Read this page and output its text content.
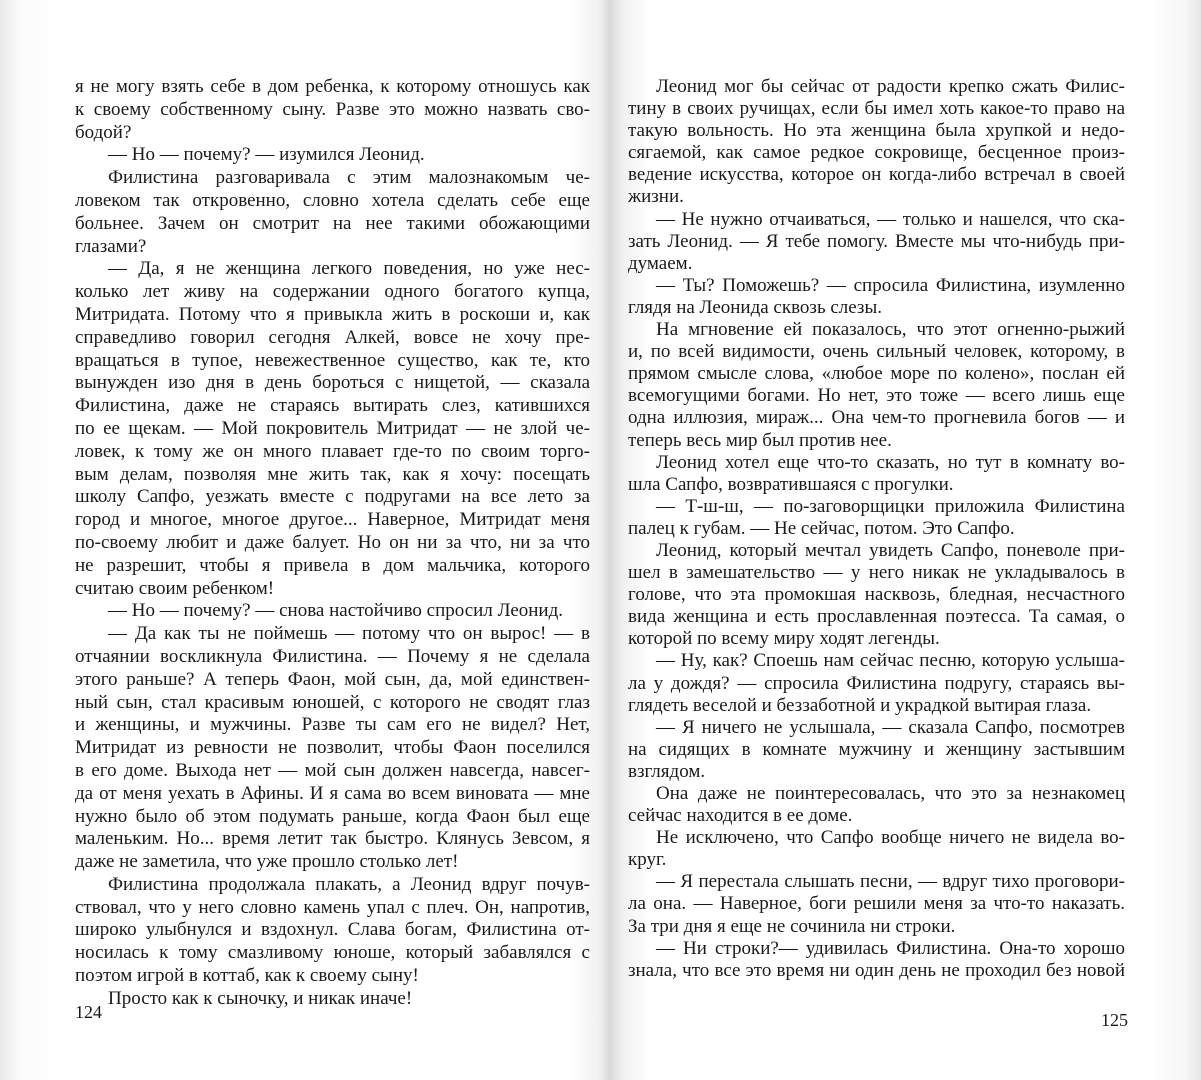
я не могу взять себе в дом ребенка, к которому отношусь как
к своему собственному сыну. Разве это можно назвать сво-
бодой?
— Но — почему? — изумился Леонид.
Филистина разговаривала с этим малознакомым че-
ловеком так откровенно, словно хотела сделать себе еще
больнее. Зачем он смотрит на нее такими обожающими
глазами?
— Да, я не женщина легкого поведения, но уже нес-
колько лет живу на содержании одного богатого купца,
Митридата. Потому что я привыкла жить в роскоши и, как
справедливо говорил сегодня Алкей, вовсе не хочу пре-
вращаться в тупое, невежественное существо, как те, кто
вынужден изо дня в день бороться с нищетой, — сказала
Филистина, даже не стараясь вытирать слез, катившихся
по ее щекам. — Мой покровитель Митридат — не злой че-
ловек, к тому же он много плавает где-то по своим торго-
вым делам, позволяя мне жить так, как я хочу: посещать
школу Сапфо, уезжать вместе с подругами на все лето за
город и многое, многое другое... Наверное, Митридат меня
по-своему любит и даже балует. Но он ни за что, ни за что
не разрешит, чтобы я привела в дом мальчика, которого
считаю своим ребенком!
— Но — почему? — снова настойчиво спросил Леонид.
— Да как ты не поймешь — потому что он вырос! — в
отчаянии воскликнула Филистина. — Почему я не сделала
этого раньше? А теперь Фаон, мой сын, да, мой единствен-
ный сын, стал красивым юношей, с которого не сводят глаз
и женщины, и мужчины. Разве ты сам его не видел? Нет,
Митридат из ревности не позволит, чтобы Фаон поселился
в его доме. Выхода нет — мой сын должен навсегда, навсег-
да от меня уехать в Афины. И я сама во всем виновата — мне
нужно было об этом подумать раньше, когда Фаон был еще
маленьким. Но... время летит так быстро. Клянусь Зевсом, я
даже не заметила, что уже прошло столько лет!
Филистина продолжала плакать, а Леонид вдруг почув-
ствовал, что у него словно камень упал с плеч. Он, напротив,
широко улыбнулся и вздохнул. Слава богам, Филистина от-
носилась к тому смазливому юноше, который забавлялся с
поэтом игрой в коттаб, как к своему сыну!
Просто как к сыночку, и никак иначе!
Леонид мог бы сейчас от радости крепко сжать Филис-
тину в своих ручищах, если бы имел хоть какое-то право на
такую вольность. Но эта женщина была хрупкой и недо-
сягаемой, как самое редкое сокровище, бесценное произ-
ведение искусства, которое он когда-либо встречал в своей
жизни.
— Не нужно отчаиваться, — только и нашелся, что ска-
зать Леонид. — Я тебе помогу. Вместе мы что-нибудь при-
думаем.
— Ты? Поможешь? — спросила Филистина, изумленно
глядя на Леонида сквозь слезы.
На мгновение ей показалось, что этот огненно-рыжий
и, по всей видимости, очень сильный человек, которому, в
прямом смысле слова, «любое море по колено», послан ей
всемогущими богами. Но нет, это тоже — всего лишь еще
одна иллюзия, мираж... Она чем-то прогневила богов — и
теперь весь мир был против нее.
Леонид хотел еще что-то сказать, но тут в комнату во-
шла Сапфо, возвратившаяся с прогулки.
— Т-ш-ш, — по-заговорщицки приложила Филистина
палец к губам. — Не сейчас, потом. Это Сапфо.
Леонид, который мечтал увидеть Сапфо, поневоле при-
шел в замешательство — у него никак не укладывалось в
голове, что эта промокшая насквозь, бледная, несчастного
вида женщина и есть прославленная поэтесса. Та самая, о
которой по всему миру ходят легенды.
— Ну, как? Споешь нам сейчас песню, которую услыша-
ла у дождя? — спросила Филистина подругу, стараясь вы-
глядеть веселой и беззаботной и украдкой вытирая глаза.
— Я ничего не услышала, — сказала Сапфо, посмотрев
на сидящих в комнате мужчину и женщину застывшим
взглядом.
Она даже не поинтересовалась, что это за незнакомец
сейчас находится в ее доме.
Не исключено, что Сапфо вообще ничего не видела во-
круг.
— Я перестала слышать песни, — вдруг тихо проговори-
ла она. — Наверное, боги решили меня за что-то наказать.
За три дня я еще не сочинила ни строки.
— Ни строки?— удивилась Филистина. Она-то хорошо
знала, что все это время ни один день не проходил без новой
124	125
